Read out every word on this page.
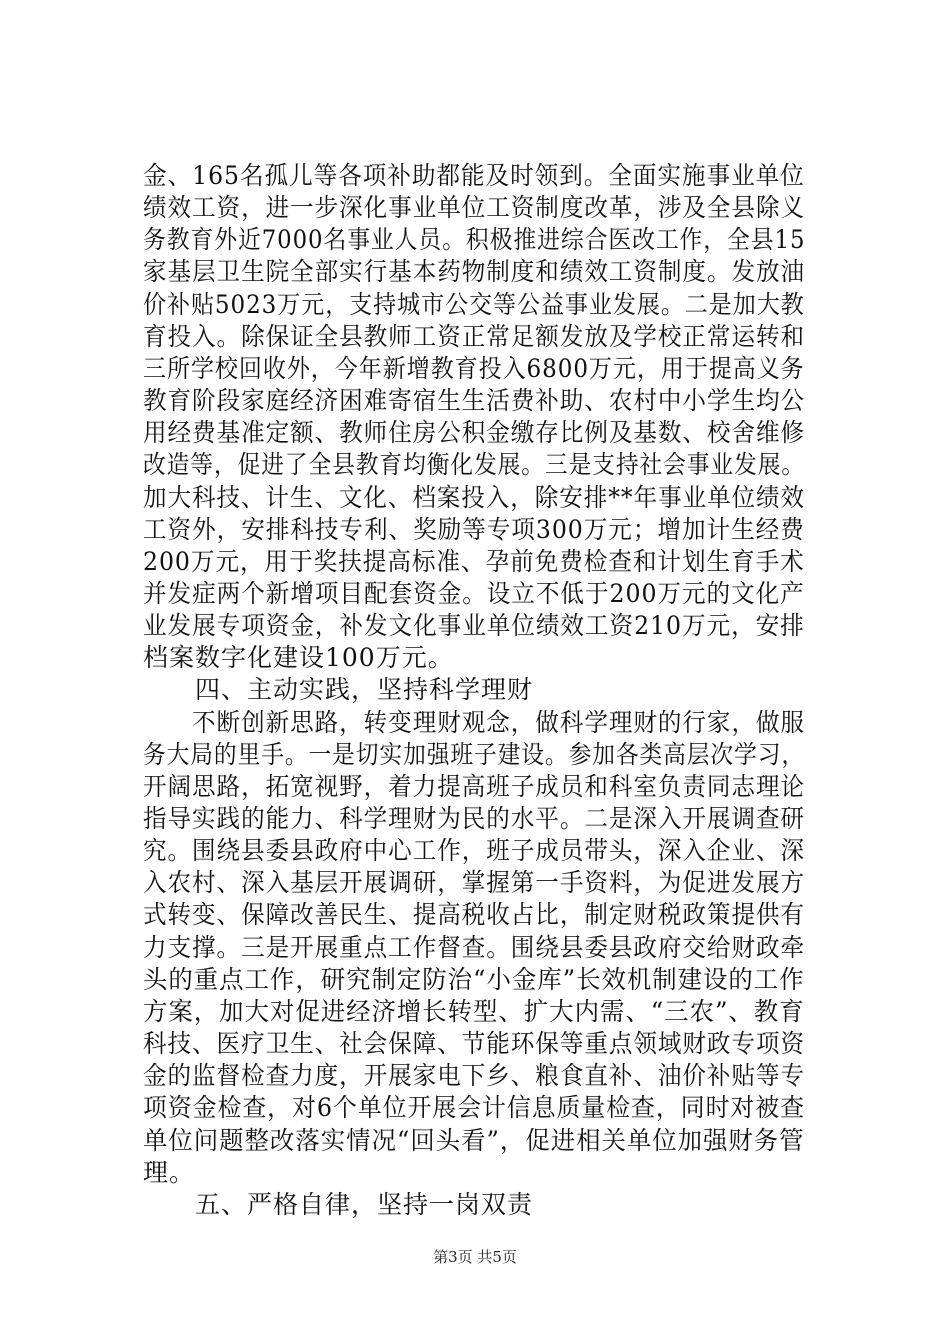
金、165名孤儿等各项补助都能及时领到。全面实施事业单位
绩效工资，进一步深化事业单位工资制度改革，涉及全县除义
务教育外近7000名事业人员。积极推进综合医改工作，全县15
家基层卫生院全部实行基本药物制度和绩效工资制度。发放油
价补贴5023万元，支持城市公交等公益事业发展。二是加大教
育投入。除保证全县教师工资正常足额发放及学校正常运转和
三所学校回收外，今年新增教育投入6800万元，用于提高义务
教育阶段家庭经济困难寄宿生生活费补助、农村中小学生均公
用经费基准定额、教师住房公积金缴存比例及基数、校舍维修
改造等，促进了全县教育均衡化发展。三是支持社会事业发展。
加大科技、计生、文化、档案投入，除安排**年事业单位绩效
工资外，安排科技专利、奖励等专项300万元；增加计生经费
200万元，用于奖扶提高标准、孕前免费检查和计划生育手术
并发症两个新增项目配套资金。设立不低于200万元的文化产
业发展专项资金，补发文化事业单位绩效工资210万元，安排
档案数字化建设100万元。
　　四、主动实践，坚持科学理财
　　不断创新思路，转变理财观念，做科学理财的行家，做服
务大局的里手。一是切实加强班子建设。参加各类高层次学习，
开阔思路，拓宽视野，着力提高班子成员和科室负责同志理论
指导实践的能力、科学理财为民的水平。二是深入开展调查研
究。围绕县委县政府中心工作，班子成员带头，深入企业、深
入农村、深入基层开展调研，掌握第一手资料，为促进发展方
式转变、保障改善民生、提高税收占比，制定财税政策提供有
力支撑。三是开展重点工作督查。围绕县委县政府交给财政牵
头的重点工作，研究制定防治“小金库”长效机制建设的工作
方案，加大对促进经济增长转型、扩大内需、“三农”、教育
科技、医疗卫生、社会保障、节能环保等重点领域财政专项资
金的监督检查力度，开展家电下乡、粮食直补、油价补贴等专
项资金检查，对6个单位开展会计信息质量检查，同时对被查
单位问题整改落实情况“回头看”，促进相关单位加强财务管
理。
　　五、严格自律，坚持一岗双责
第3页 共5页
